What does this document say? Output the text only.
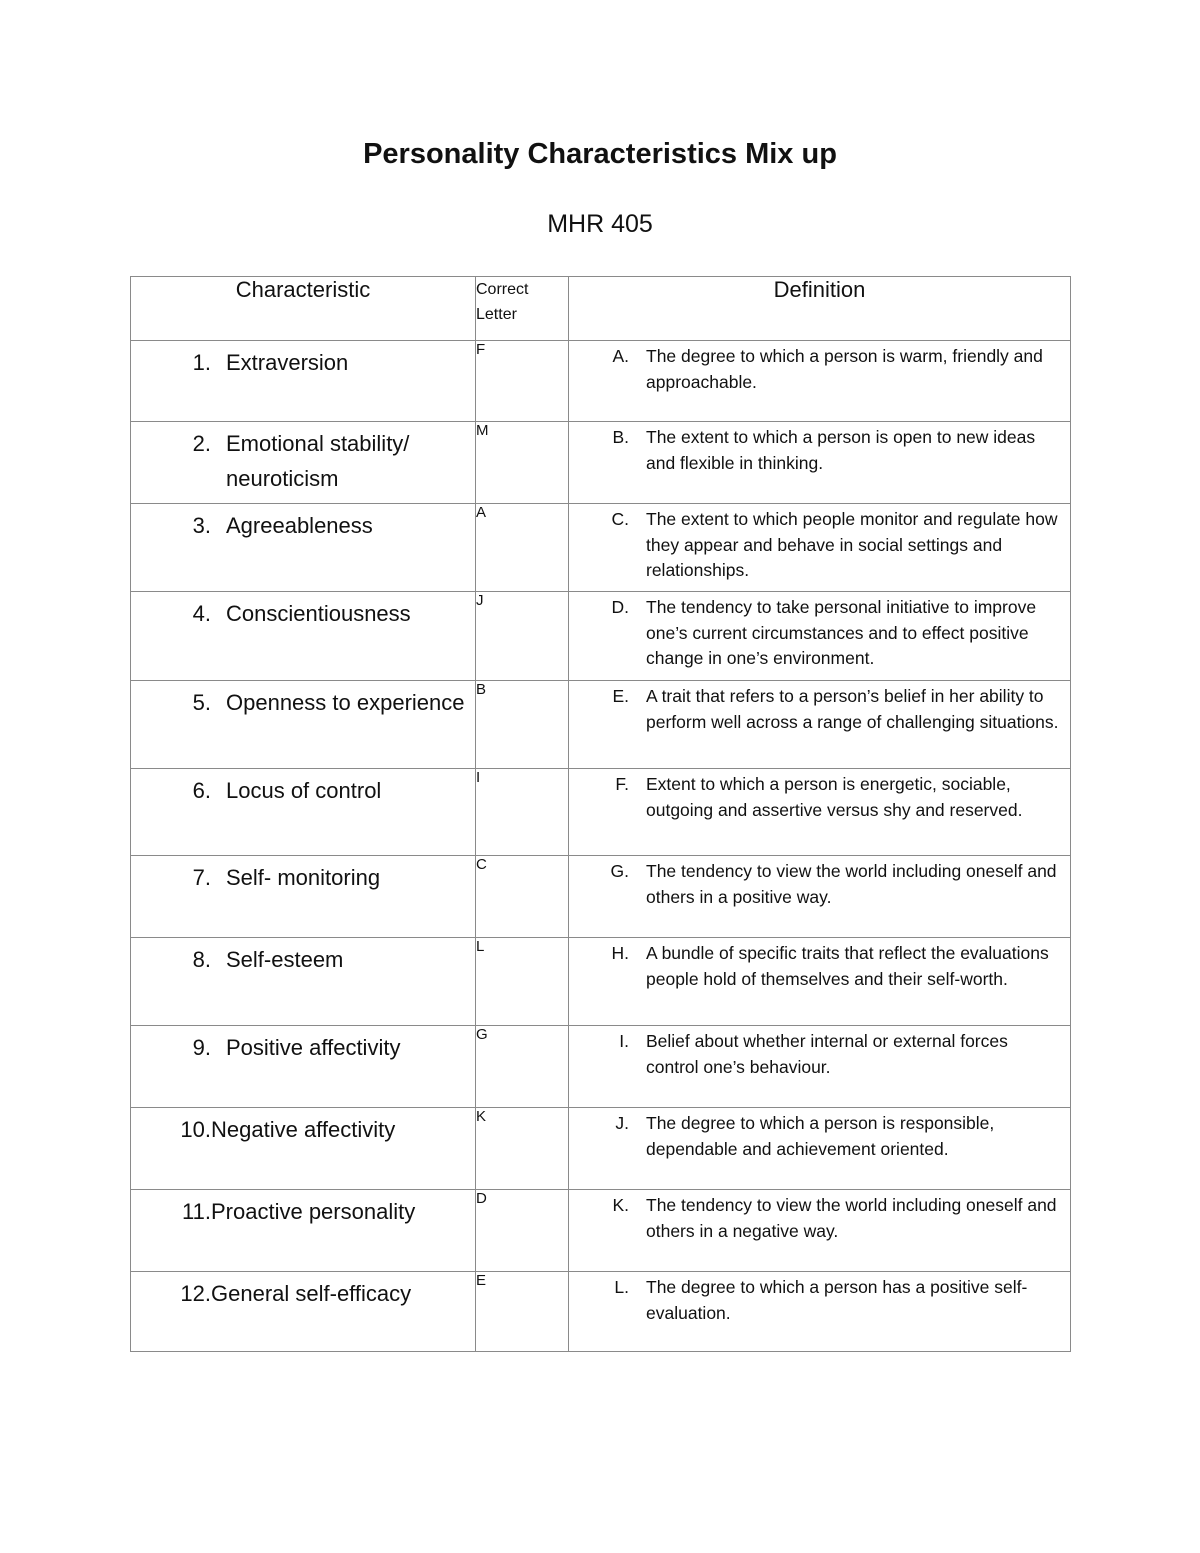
Personality Characteristics Mix up

MHR 405

Characteristic	Correct Letter	Definition

1. Extraversion	F	A. The degree to which a person is warm, friendly and approachable.

2. Emotional stability/ neuroticism	M	B. The extent to which a person is open to new ideas and flexible in thinking.

3. Agreeableness	A	C. The extent to which people monitor and regulate how they appear and behave in social settings and relationships.

4. Conscientiousness	J	D. The tendency to take personal initiative to improve one’s current circumstances and to effect positive change in one’s environment.

5. Openness to experience	B	E. A trait that refers to a person’s belief in her ability to perform well across a range of challenging situations.

6. Locus of control	I	F. Extent to which a person is energetic, sociable, outgoing and assertive versus shy and reserved.

7. Self- monitoring	C	G. The tendency to view the world including oneself and others in a positive way.

8. Self-esteem	L	H. A bundle of specific traits that reflect the evaluations people hold of themselves and their self-worth.

9. Positive affectivity	G	I. Belief about whether internal or external forces control one’s behaviour.

10. Negative affectivity	K	J. The degree to which a person is responsible, dependable and achievement oriented.

11. Proactive personality	D	K. The tendency to view the world including oneself and others in a negative way.

12. General self-efficacy	E	L. The degree to which a person has a positive self-evaluation.
